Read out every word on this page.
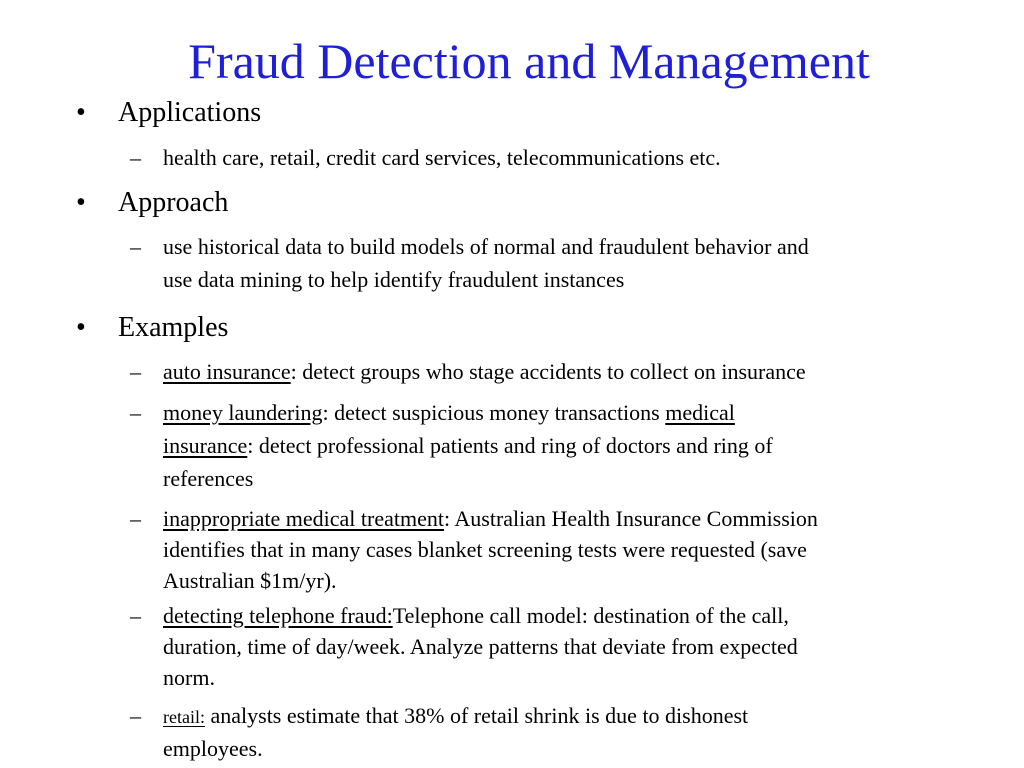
Fraud Detection and Management
• Applications
– health care, retail, credit card services, telecommunications etc.
• Approach
– use historical data to build models of normal and fraudulent behavior and
use data mining to help identify fraudulent instances
• Examples
– auto insurance: detect groups who stage accidents to collect on insurance
– money laundering: detect suspicious money transactions medical
insurance: detect professional patients and ring of doctors and ring of
references
– inappropriate medical treatment: Australian Health Insurance Commission
identifies that in many cases blanket screening tests were requested (save
Australian $1m/yr).
– detecting telephone fraud:Telephone call model: destination of the call,
duration, time of day/week. Analyze patterns that deviate from expected
norm.
– retail: analysts estimate that 38% of retail shrink is due to dishonest
employees.
